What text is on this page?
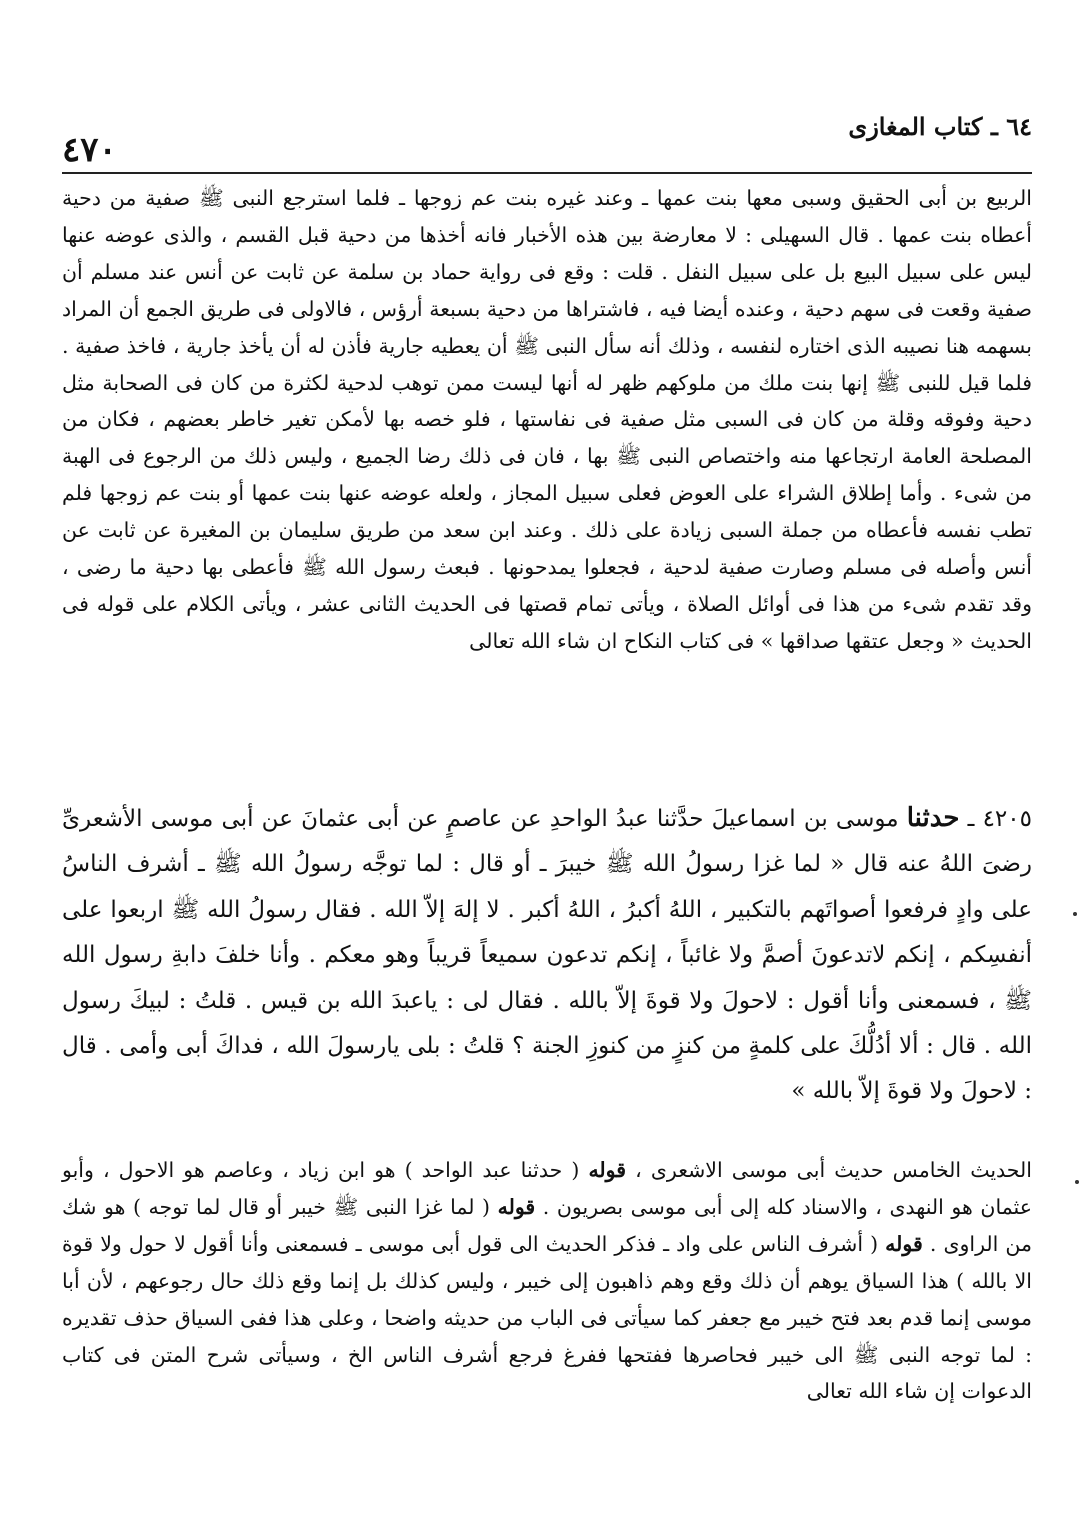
٤٧٠
٦٤ ـ كتاب المغازى

الربيع بن أبى الحقيق وسبى معها بنت عمها ـ وعند غيره بنت عم زوجها ـ فلما استرجع النبى ﷺ صفية من دحية أعطاه بنت عمها . قال السهيلى : لا معارضة بين هذه الأخبار فانه أخذها من دحية قبل القسم ، والذى عوضه عنها ليس على سبيل البيع بل على سبيل النفل . قلت : وقع فى رواية حماد بن سلمة عن ثابت عن أنس عند مسلم أن صفية وقعت فى سهم دحية ، وعنده أيضا فيه ، فاشتراها من دحية بسبعة أرؤس ، فالاولى فى طريق الجمع أن المراد بسهمه هنا نصيبه الذى اختاره لنفسه ، وذلك أنه سأل النبى ﷺ أن يعطيه جارية فأذن له أن يأخذ جارية ، فاخذ صفية . فلما قيل للنبى ﷺ إنها بنت ملك من ملوكهم ظهر له أنها ليست ممن توهب لدحية لكثرة من كان فى الصحابة مثل دحية وفوقه وقلة من كان فى السبى مثل صفية فى نفاستها ، فلو خصه بها لأمكن تغير خاطر بعضهم ، فكان من المصلحة العامة ارتجاعها منه واختصاص النبى ﷺ بها ، فان فى ذلك رضا الجميع ، وليس ذلك من الرجوع فى الهبة من شىء . وأما إطلاق الشراء على العوض فعلى سبيل المجاز ، ولعله عوضه عنها بنت عمها أو بنت عم زوجها فلم تطب نفسه فأعطاه من جملة السبى زيادة على ذلك . وعند ابن سعد من طريق سليمان بن المغيرة عن ثابت عن أنس وأصله فى مسلم وصارت صفية لدحية ، فجعلوا يمدحونها . فبعث رسول الله ﷺ فأعطى بها دحية ما رضى ، وقد تقدم شىء من هذا فى أوائل الصلاة ، ويأتى تمام قصتها فى الحديث الثانى عشر ، ويأتى الكلام على قوله فى الحديث « وجعل عتقها صداقها » فى كتاب النكاح ان شاء الله تعالى

٤٢٠٥ ـ حدثنا موسى بن اسماعيلَ حدَّثنا عبدُ الواحدِ عن عاصمٍ عن أبى عثمانَ عن أبى موسى الأشعرىِّ رضىَ اللهُ عنه قال « لما غزا رسولُ الله ﷺ خيبرَ ـ أو قال : لما توجَّه رسولُ الله ﷺ ـ أشرف الناسُ على وادٍ فرفعوا أصواتَهم بالتكبير ، اللهُ أكبرُ ، اللهُ أكبر . لا إلهَ إلاّ الله . فقال رسولُ الله ﷺ اربعوا على أنفسِكم ، إنكم لاتدعونَ أصمَّ ولا غائباً ، إنكم تدعون سميعاً قريباً وهو معكم . وأنا خلفَ دابةِ رسول الله ﷺ ، فسمعنى وأنا أقول : لاحولَ ولا قوةَ إلاّ بالله . فقال لى : ياعبدَ الله بن قيس . قلتُ : لبيكَ رسول الله . قال : ألا أدُلُّكَ على كلمةٍ من كنزٍ من كنوزِ الجنة ؟ قلتُ : بلى يارسولَ الله ، فداكَ أبى وأمى . قال : لاحولَ ولا قوةَ إلاّ بالله »

الحديث الخامس حديث أبى موسى الاشعرى ، قوله ( حدثنا عبد الواحد ) هو ابن زياد ، وعاصم هو الاحول ، وأبو عثمان هو النهدى ، والاسناد كله إلى أبى موسى بصريون . قوله ( لما غزا النبى ﷺ خيبر أو قال لما توجه ) هو شك من الراوى . قوله ( أشرف الناس على واد ـ فذكر الحديث الى قول أبى موسى ـ فسمعنى وأنا أقول لا حول ولا قوة الا بالله ) هذا السياق يوهم أن ذلك وقع وهم ذاهبون إلى خيبر ، وليس كذلك بل إنما وقع ذلك حال رجوعهم ، لأن أبا موسى إنما قدم بعد فتح خيبر مع جعفر كما سيأتى فى الباب من حديثه واضحا ، وعلى هذا ففى السياق حذف تقديره : لما توجه النبى ﷺ الى خيبر فحاصرها ففتحها ففرغ فرجع أشرف الناس الخ ، وسيأتى شرح المتن فى كتاب الدعوات إن شاء الله تعالى
